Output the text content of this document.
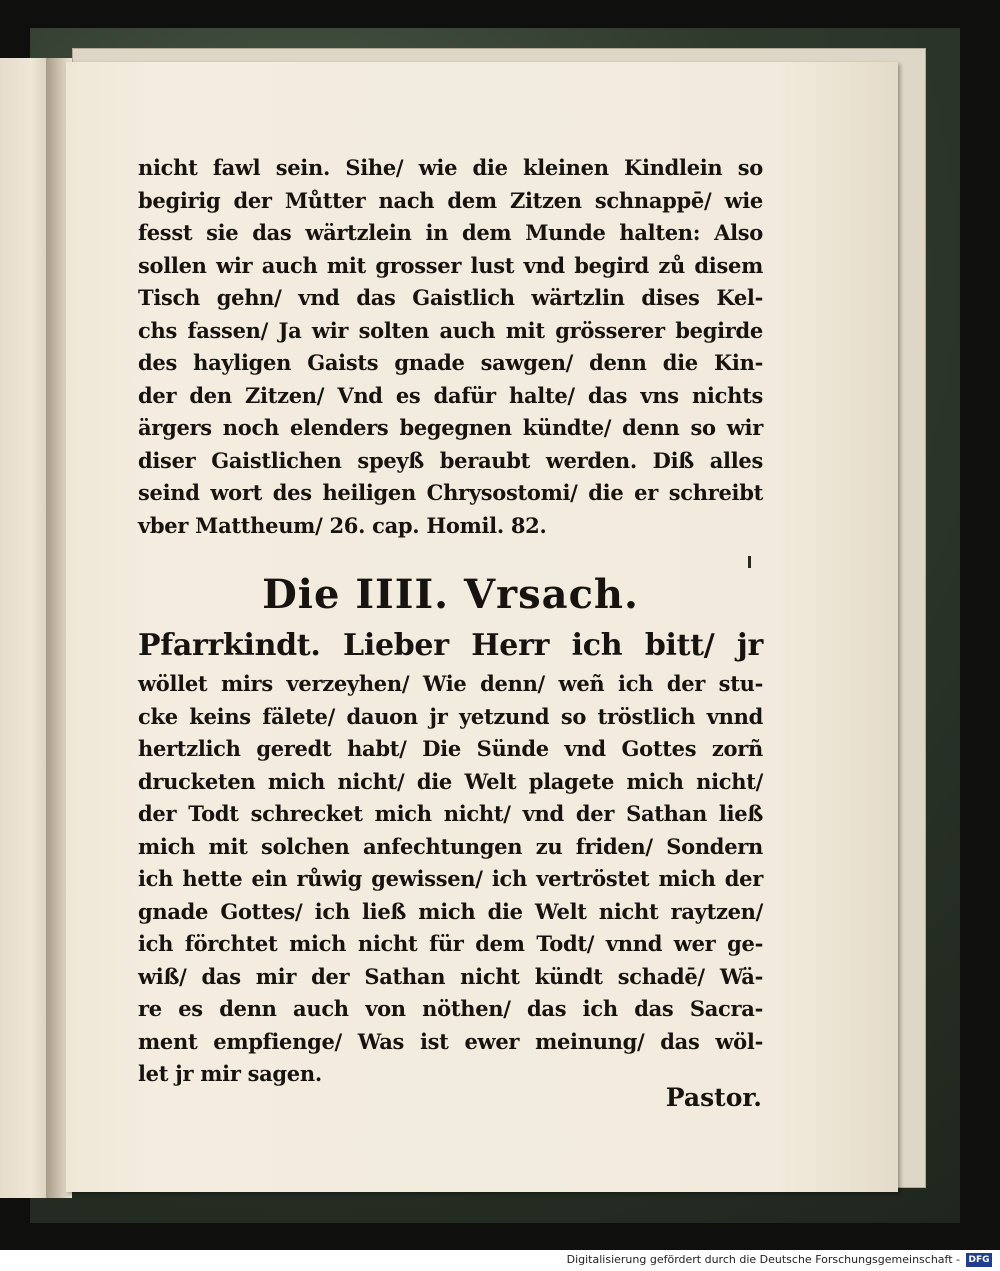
nicht fawl sein. Sihe/ wie die kleinen Kindlein so
begirig der Můtter nach dem Zitzen schnappē/ wie
fesst sie das wärtzlein in dem Munde halten: Also
sollen wir auch mit grosser lust vnd begird zů disem
Tisch gehn/ vnd das Gaistlich wärtzlin dises Kel-
chs fassen/ Ja wir solten auch mit grösserer begirde
des hayligen Gaists gnade sawgen/ denn die Kin-
der den Zitzen/ Vnd es dafür halte/ das vns nichts
ärgers noch elenders begegnen kündte/ denn so wir
diser Gaistlichen speyß beraubt werden. Diß alles
seind wort des heiligen Chrysostomi/ die er schreibt
vber Mattheum/ 26. cap. Homil. 82.
Die IIII. Vrsach.
Pfarrkindt. Lieber Herr ich bitt/ jr
wöllet mirs verzeyhen/ Wie denn/ weñ ich der stu-
cke keins fälete/ dauon jr yetzund so tröstlich vnnd
hertzlich geredt habt/ Die Sünde vnd Gottes zorñ
drucketen mich nicht/ die Welt plagete mich nicht/
der Todt schrecket mich nicht/ vnd der Sathan ließ
mich mit solchen anfechtungen zu friden/ Sondern
ich hette ein růwig gewissen/ ich vertröstet mich der
gnade Gottes/ ich ließ mich die Welt nicht raytzen/
ich förchtet mich nicht für dem Todt/ vnnd wer ge-
wiß/ das mir der Sathan nicht kündt schadē/ Wä-
re es denn auch von nöthen/ das ich das Sacra-
ment empfienge/ Was ist ewer meinung/ das wöl-
let jr mir sagen.
Pastor.
Digitalisierung gefördert durch die Deutsche Forschungsgemeinschaft - DFG
